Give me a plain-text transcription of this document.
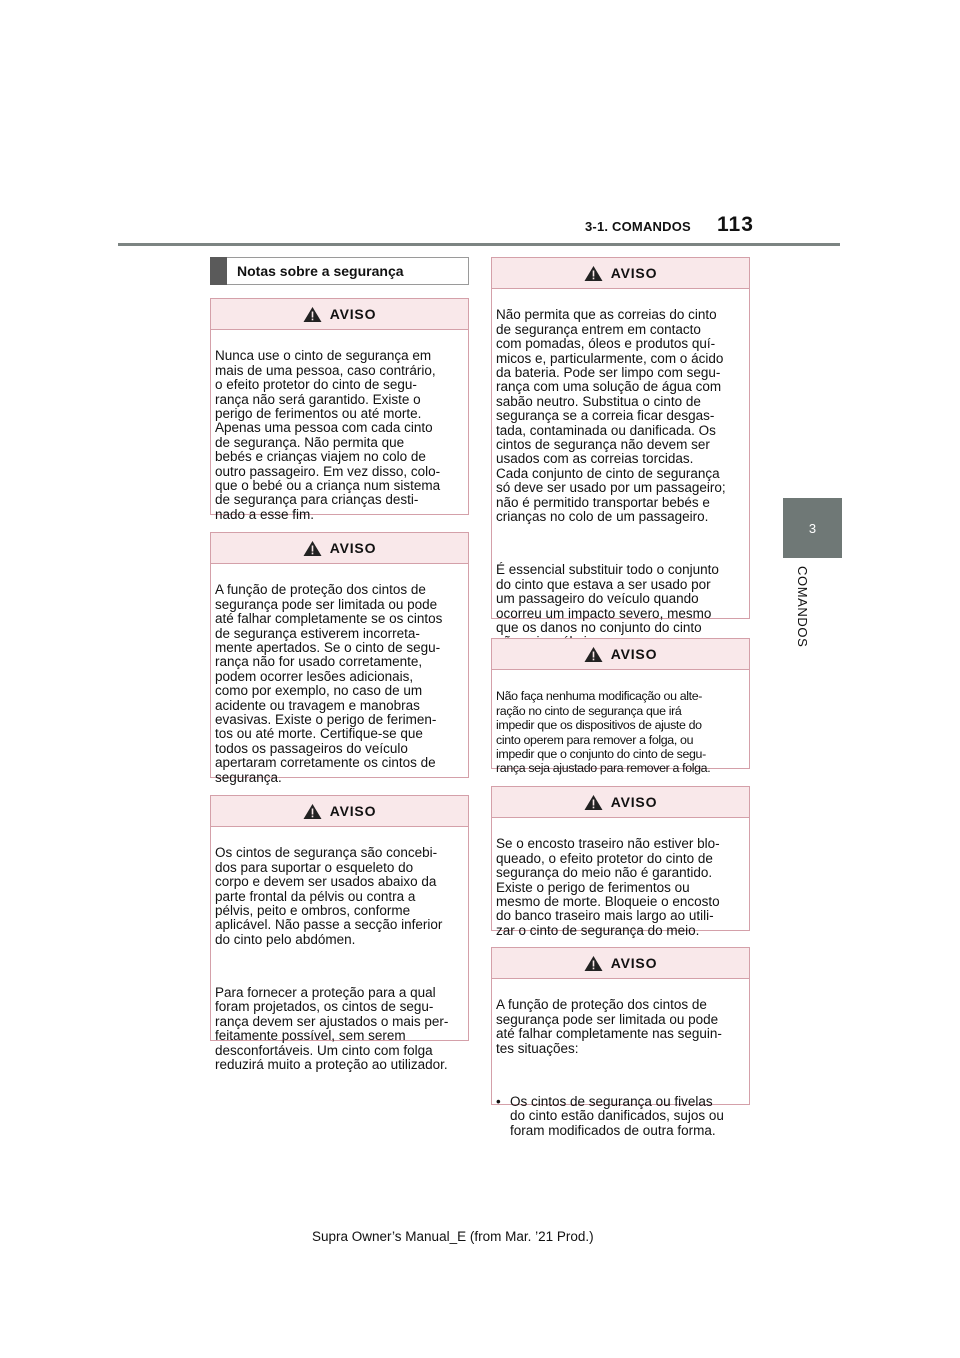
3-1. COMANDOS 113
3
COMANDOS
Notas sobre a segurança
AVISO

Nunca use o cinto de segurança em
mais de uma pessoa, caso contrário,
o efeito protetor do cinto de segu-
rança não será garantido. Existe o
perigo de ferimentos ou até morte.
Apenas uma pessoa com cada cinto
de segurança. Não permita que
bebés e crianças viajem no colo de
outro passageiro. Em vez disso, colo-
que o bebé ou a criança num sistema
de segurança para crianças desti-
nado a esse fim.

AVISO

A função de proteção dos cintos de
segurança pode ser limitada ou pode
até falhar completamente se os cintos
de segurança estiverem incorreta-
mente apertados. Se o cinto de segu-
rança não for usado corretamente,
podem ocorrer lesões adicionais,
como por exemplo, no caso de um
acidente ou travagem e manobras
evasivas. Existe o perigo de ferimen-
tos ou até morte. Certifique-se que
todos os passageiros do veículo
apertaram corretamente os cintos de
segurança.

AVISO

Os cintos de segurança são concebi-
dos para suportar o esqueleto do
corpo e devem ser usados abaixo da
parte frontal da pélvis ou contra a
pélvis, peito e ombros, conforme
aplicável. Não passe a secção inferior
do cinto pelo abdómen.

Para fornecer a proteção para a qual
foram projetados, os cintos de segu-
rança devem ser ajustados o mais per-
feitamente possível, sem serem
desconfortáveis. Um cinto com folga
reduzirá muito a proteção ao utilizador.

AVISO

Não permita que as correias do cinto
de segurança entrem em contacto
com pomadas, óleos e produtos quí-
micos e, particularmente, com o ácido
da bateria. Pode ser limpo com segu-
rança com uma solução de água com
sabão neutro. Substitua o cinto de
segurança se a correia ficar desgas-
tada, contaminada ou danificada. Os
cintos de segurança não devem ser
usados com as correias torcidas.
Cada conjunto de cinto de segurança
só deve ser usado por um passageiro;
não é permitido transportar bebés e
crianças no colo de um passageiro.

É essencial substituir todo o conjunto
do cinto que estava a ser usado por
um passageiro do veículo quando
ocorreu um impacto severo, mesmo
que os danos no conjunto do cinto

AVISO

Não faça nenhuma modificação ou alte-
ração no cinto de segurança que irá
impedir que os dispositivos de ajuste do
cinto operem para remover a folga, ou
impedir que o conjunto do cinto de segu-
rança seja ajustado para remover a folga.

AVISO

Se o encosto traseiro não estiver blo-
queado, o efeito protetor do cinto de
segurança do meio não é garantido.
Existe o perigo de ferimentos ou
mesmo de morte. Bloqueie o encosto
do banco traseiro mais largo ao utili-
zar o cinto de segurança do meio.

AVISO

A função de proteção dos cintos de
segurança pode ser limitada ou pode
até falhar completamente nas seguin-
tes situações:

• Os cintos de segurança ou fivelas
do cinto estão danificados, sujos ou
foram modificados de outra forma.

Supra Owner’s Manual_E (from Mar. ’21 Prod.)
